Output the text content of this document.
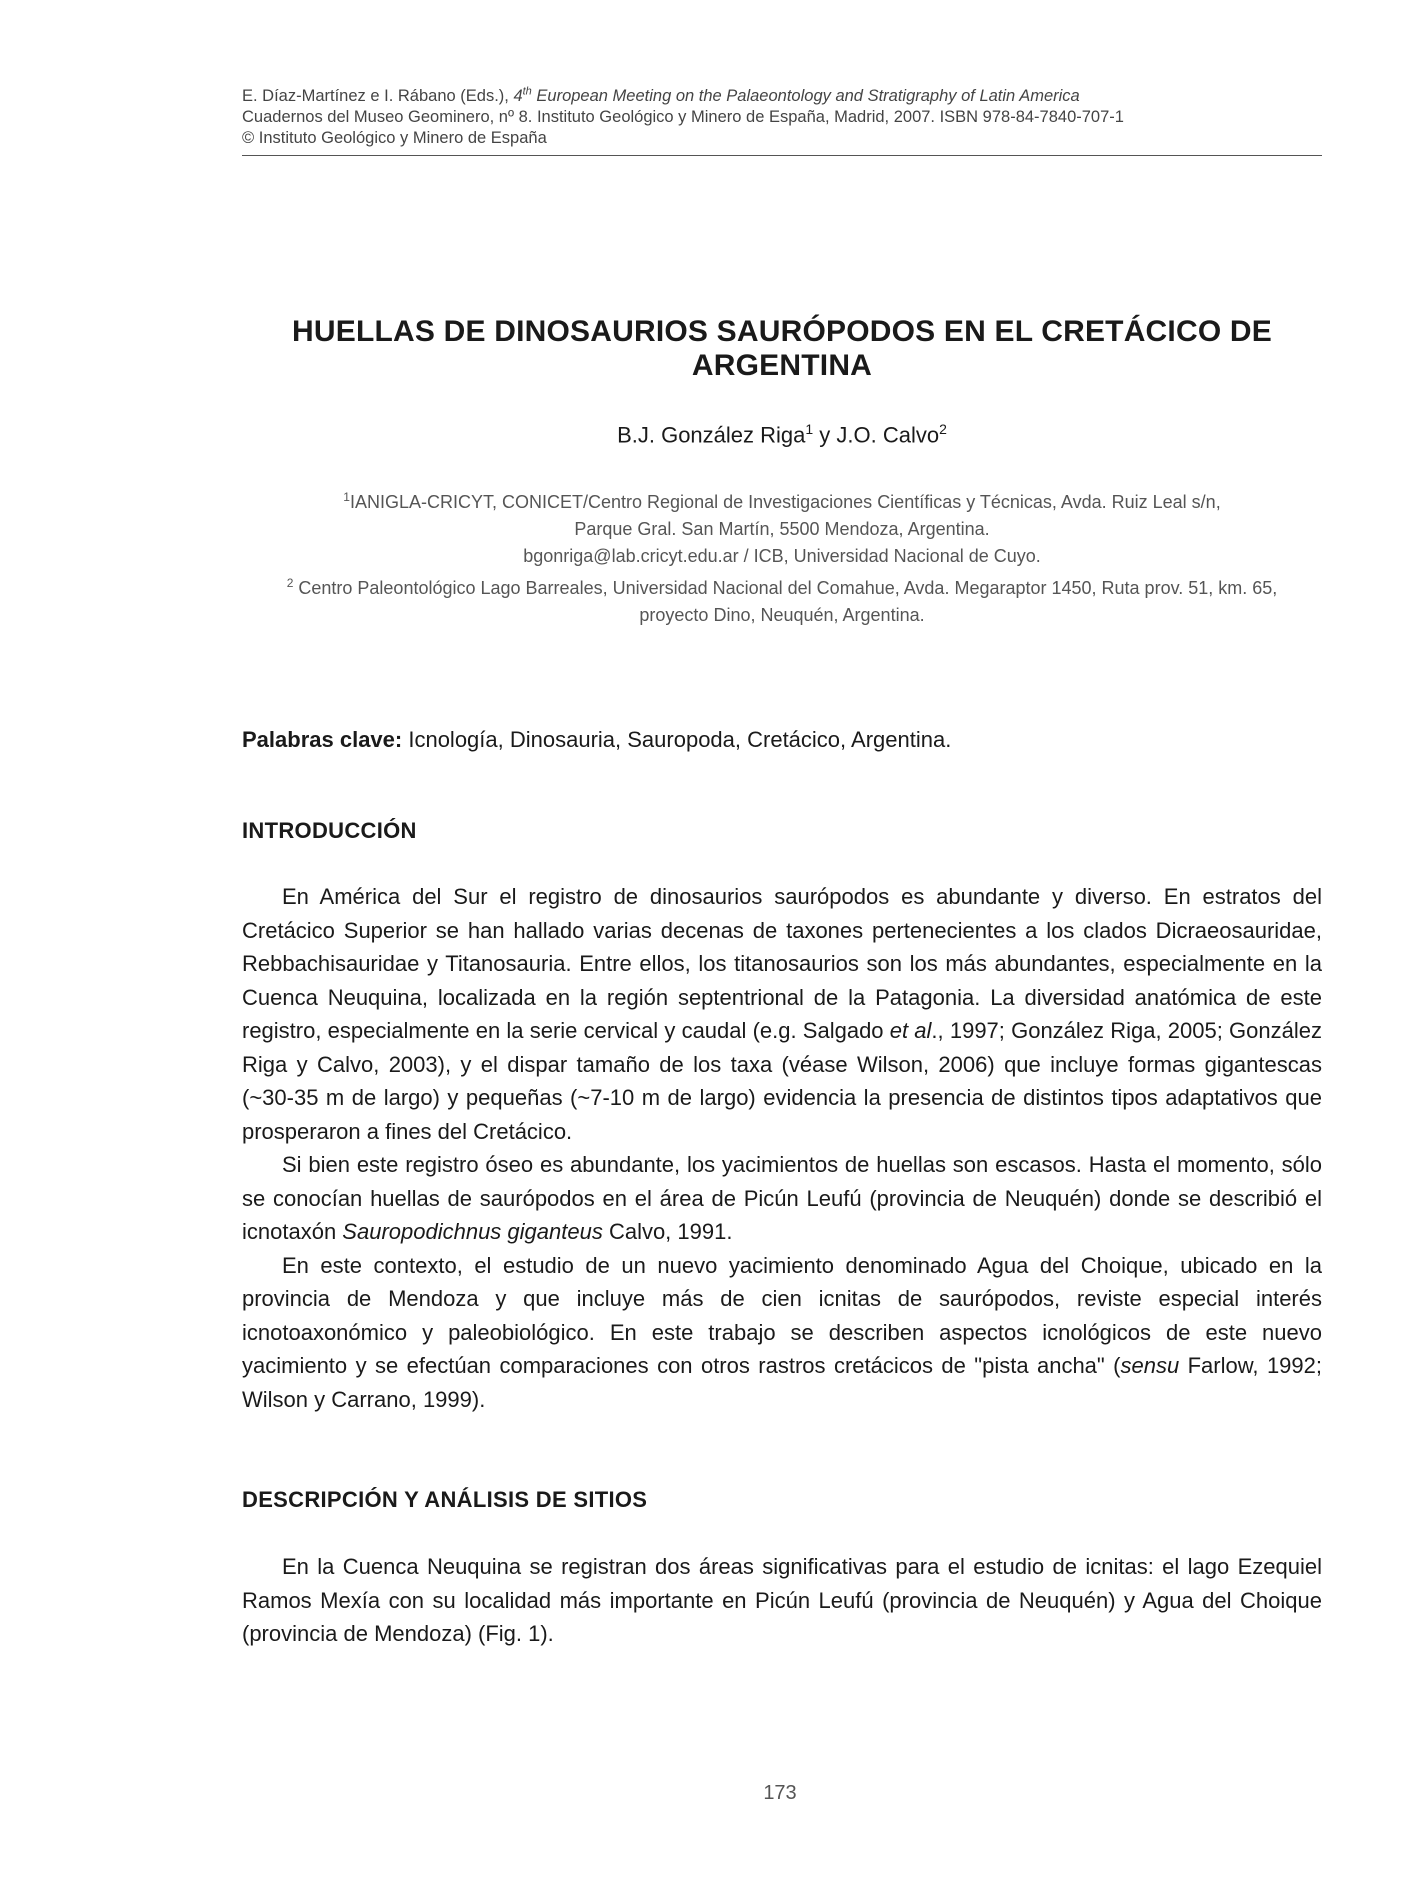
E. Díaz-Martínez e I. Rábano (Eds.), 4th European Meeting on the Palaeontology and Stratigraphy of Latin America
Cuadernos del Museo Geominero, nº 8. Instituto Geológico y Minero de España, Madrid, 2007. ISBN 978-84-7840-707-1
© Instituto Geológico y Minero de España
HUELLAS DE DINOSAURIOS SAURÓPODOS EN EL CRETÁCICO DE ARGENTINA
B.J. González Riga$^1$ y J.O. Calvo$^2$
$^1$IANIGLA-CRICYT, CONICET/Centro Regional de Investigaciones Científicas y Técnicas, Avda. Ruiz Leal s/n,
Parque Gral. San Martín, 5500 Mendoza, Argentina.
bgonriga@lab.cricyt.edu.ar / ICB, Universidad Nacional de Cuyo.
$^2$ Centro Paleontológico Lago Barreales, Universidad Nacional del Comahue, Avda. Megaraptor 1450, Ruta prov. 51, km. 65,
proyecto Dino, Neuquén, Argentina.
Palabras clave: Icnología, Dinosauria, Sauropoda, Cretácico, Argentina.
INTRODUCCIÓN

En América del Sur el registro de dinosaurios saurópodos es abundante y diverso. En estratos del Cretácico Superior se han hallado varias decenas de taxones pertenecientes a los clados Dicraeosauridae, Rebbachisauridae y Titanosauria. Entre ellos, los titanosaurios son los más abundantes, especialmente en la Cuenca Neuquina, localizada en la región septentrional de la Patagonia. La diversidad anatómica de este registro, especialmente en la serie cervical y caudal (e.g. Salgado et al., 1997; González Riga, 2005; González Riga y Calvo, 2003), y el dispar tamaño de los taxa (véase Wilson, 2006) que incluye formas gigantescas (~30-35 m de largo) y pequeñas (~7-10 m de largo) evidencia la presencia de distintos tipos adaptativos que prosperaron a fines del Cretácico.

Si bien este registro óseo es abundante, los yacimientos de huellas son escasos. Hasta el momento, sólo se conocían huellas de saurópodos en el área de Picún Leufú (provincia de Neuquén) donde se describió el icnotaxón Sauropodichnus giganteus Calvo, 1991.

En este contexto, el estudio de un nuevo yacimiento denominado Agua del Choique, ubicado en la provincia de Mendoza y que incluye más de cien icnitas de saurópodos, reviste especial interés icnotoaxonómico y paleobiológico. En este trabajo se describen aspectos icnológicos de este nuevo yacimiento y se efectúan comparaciones con otros rastros cretácicos de "pista ancha" (sensu Farlow, 1992; Wilson y Carrano, 1999).

DESCRIPCIÓN Y ANÁLISIS DE SITIOS

En la Cuenca Neuquina se registran dos áreas significativas para el estudio de icnitas: el lago Ezequiel Ramos Mexía con su localidad más importante en Picún Leufú (provincia de Neuquén) y Agua del Choique (provincia de Mendoza) (Fig. 1).

173
